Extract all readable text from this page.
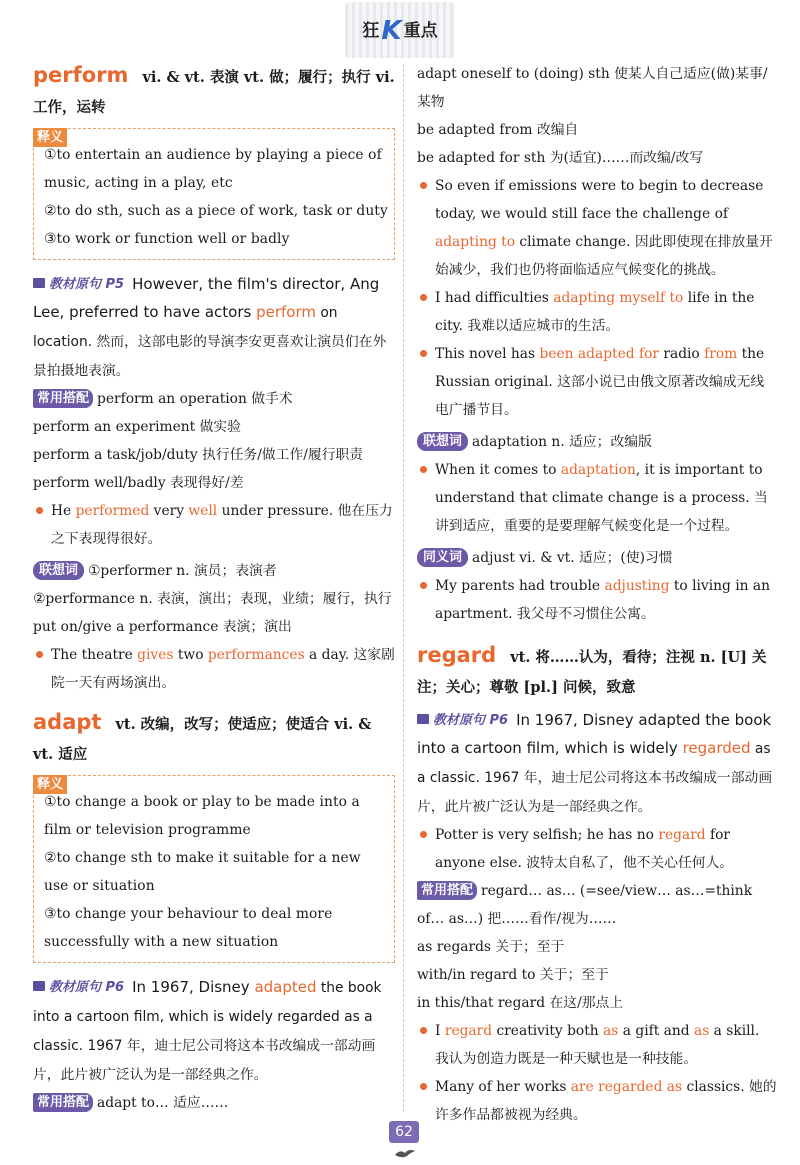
狂K 重点
perform vi. & vt. 表演 vt. 做；履行；执行 vi. 工作，运转
释义
①to entertain an audience by playing a piece of music, acting in a play, etc
②to do sth, such as a piece of work, task or duty
③to work or function well or badly
教材原句 P5 However, the film's director, Ang Lee, preferred to have actors perform on location. 然而，这部电影的导演李安更喜欢让演员们在外景拍摄地表演。
常用搭配 perform an operation 做手术
perform an experiment 做实验
perform a task/job/duty 执行任务/做工作/履行职责
perform well/badly 表现得好/差
He performed very well under pressure. 他在压力之下表现得很好。
联想词 ①performer n. 演员；表演者
②performance n. 表演，演出；表现，业绩；履行，执行
put on/give a performance 表演；演出
The theatre gives two performances a day. 这家剧院一天有两场演出。
adapt vt. 改编，改写；使适应；使适合 vi. & vt. 适应
释义
①to change a book or play to be made into a film or television programme
②to change sth to make it suitable for a new use or situation
③to change your behaviour to deal more successfully with a new situation
教材原句 P6 In 1967, Disney adapted the book into a cartoon film, which is widely regarded as a classic. 1967 年，迪士尼公司将这本书改编成一部动画片，此片被广泛认为是一部经典之作。
常用搭配 adapt to… 适应……
adapt oneself to (doing) sth 使某人自己适应(做)某事/某物
be adapted from 改编自
be adapted for sth 为(适宜)……而改编/改写
So even if emissions were to begin to decrease today, we would still face the challenge of adapting to climate change. 因此即使现在排放量开始减少，我们也仍将面临适应气候变化的挑战。
I had difficulties adapting myself to life in the city. 我难以适应城市的生活。
This novel has been adapted for radio from the Russian original. 这部小说已由俄文原著改编成无线电广播节目。
联想词 adaptation n. 适应；改编版
When it comes to adaptation, it is important to understand that climate change is a process. 当讲到适应，重要的是要理解气候变化是一个过程。
同义词 adjust vi. & vt. 适应；(使)习惯
My parents had trouble adjusting to living in an apartment. 我父母不习惯住公寓。
regard vt. 将……认为，看待；注视 n. [U] 关注；关心；尊敬 [pl.] 问候，致意
教材原句 P6 In 1967, Disney adapted the book into a cartoon film, which is widely regarded as a classic. 1967 年，迪士尼公司将这本书改编成一部动画片，此片被广泛认为是一部经典之作。
Potter is very selfish; he has no regard for anyone else. 波特太自私了，他不关心任何人。
常用搭配 regard… as… (=see/view… as…=think of… as…) 把……看作/视为……
as regards 关于；至于
with/in regard to 关于；至于
in this/that regard 在这/那点上
I regard creativity both as a gift and as a skill. 我认为创造力既是一种天赋也是一种技能。
Many of her works are regarded as classics. 她的许多作品都被视为经典。
62
